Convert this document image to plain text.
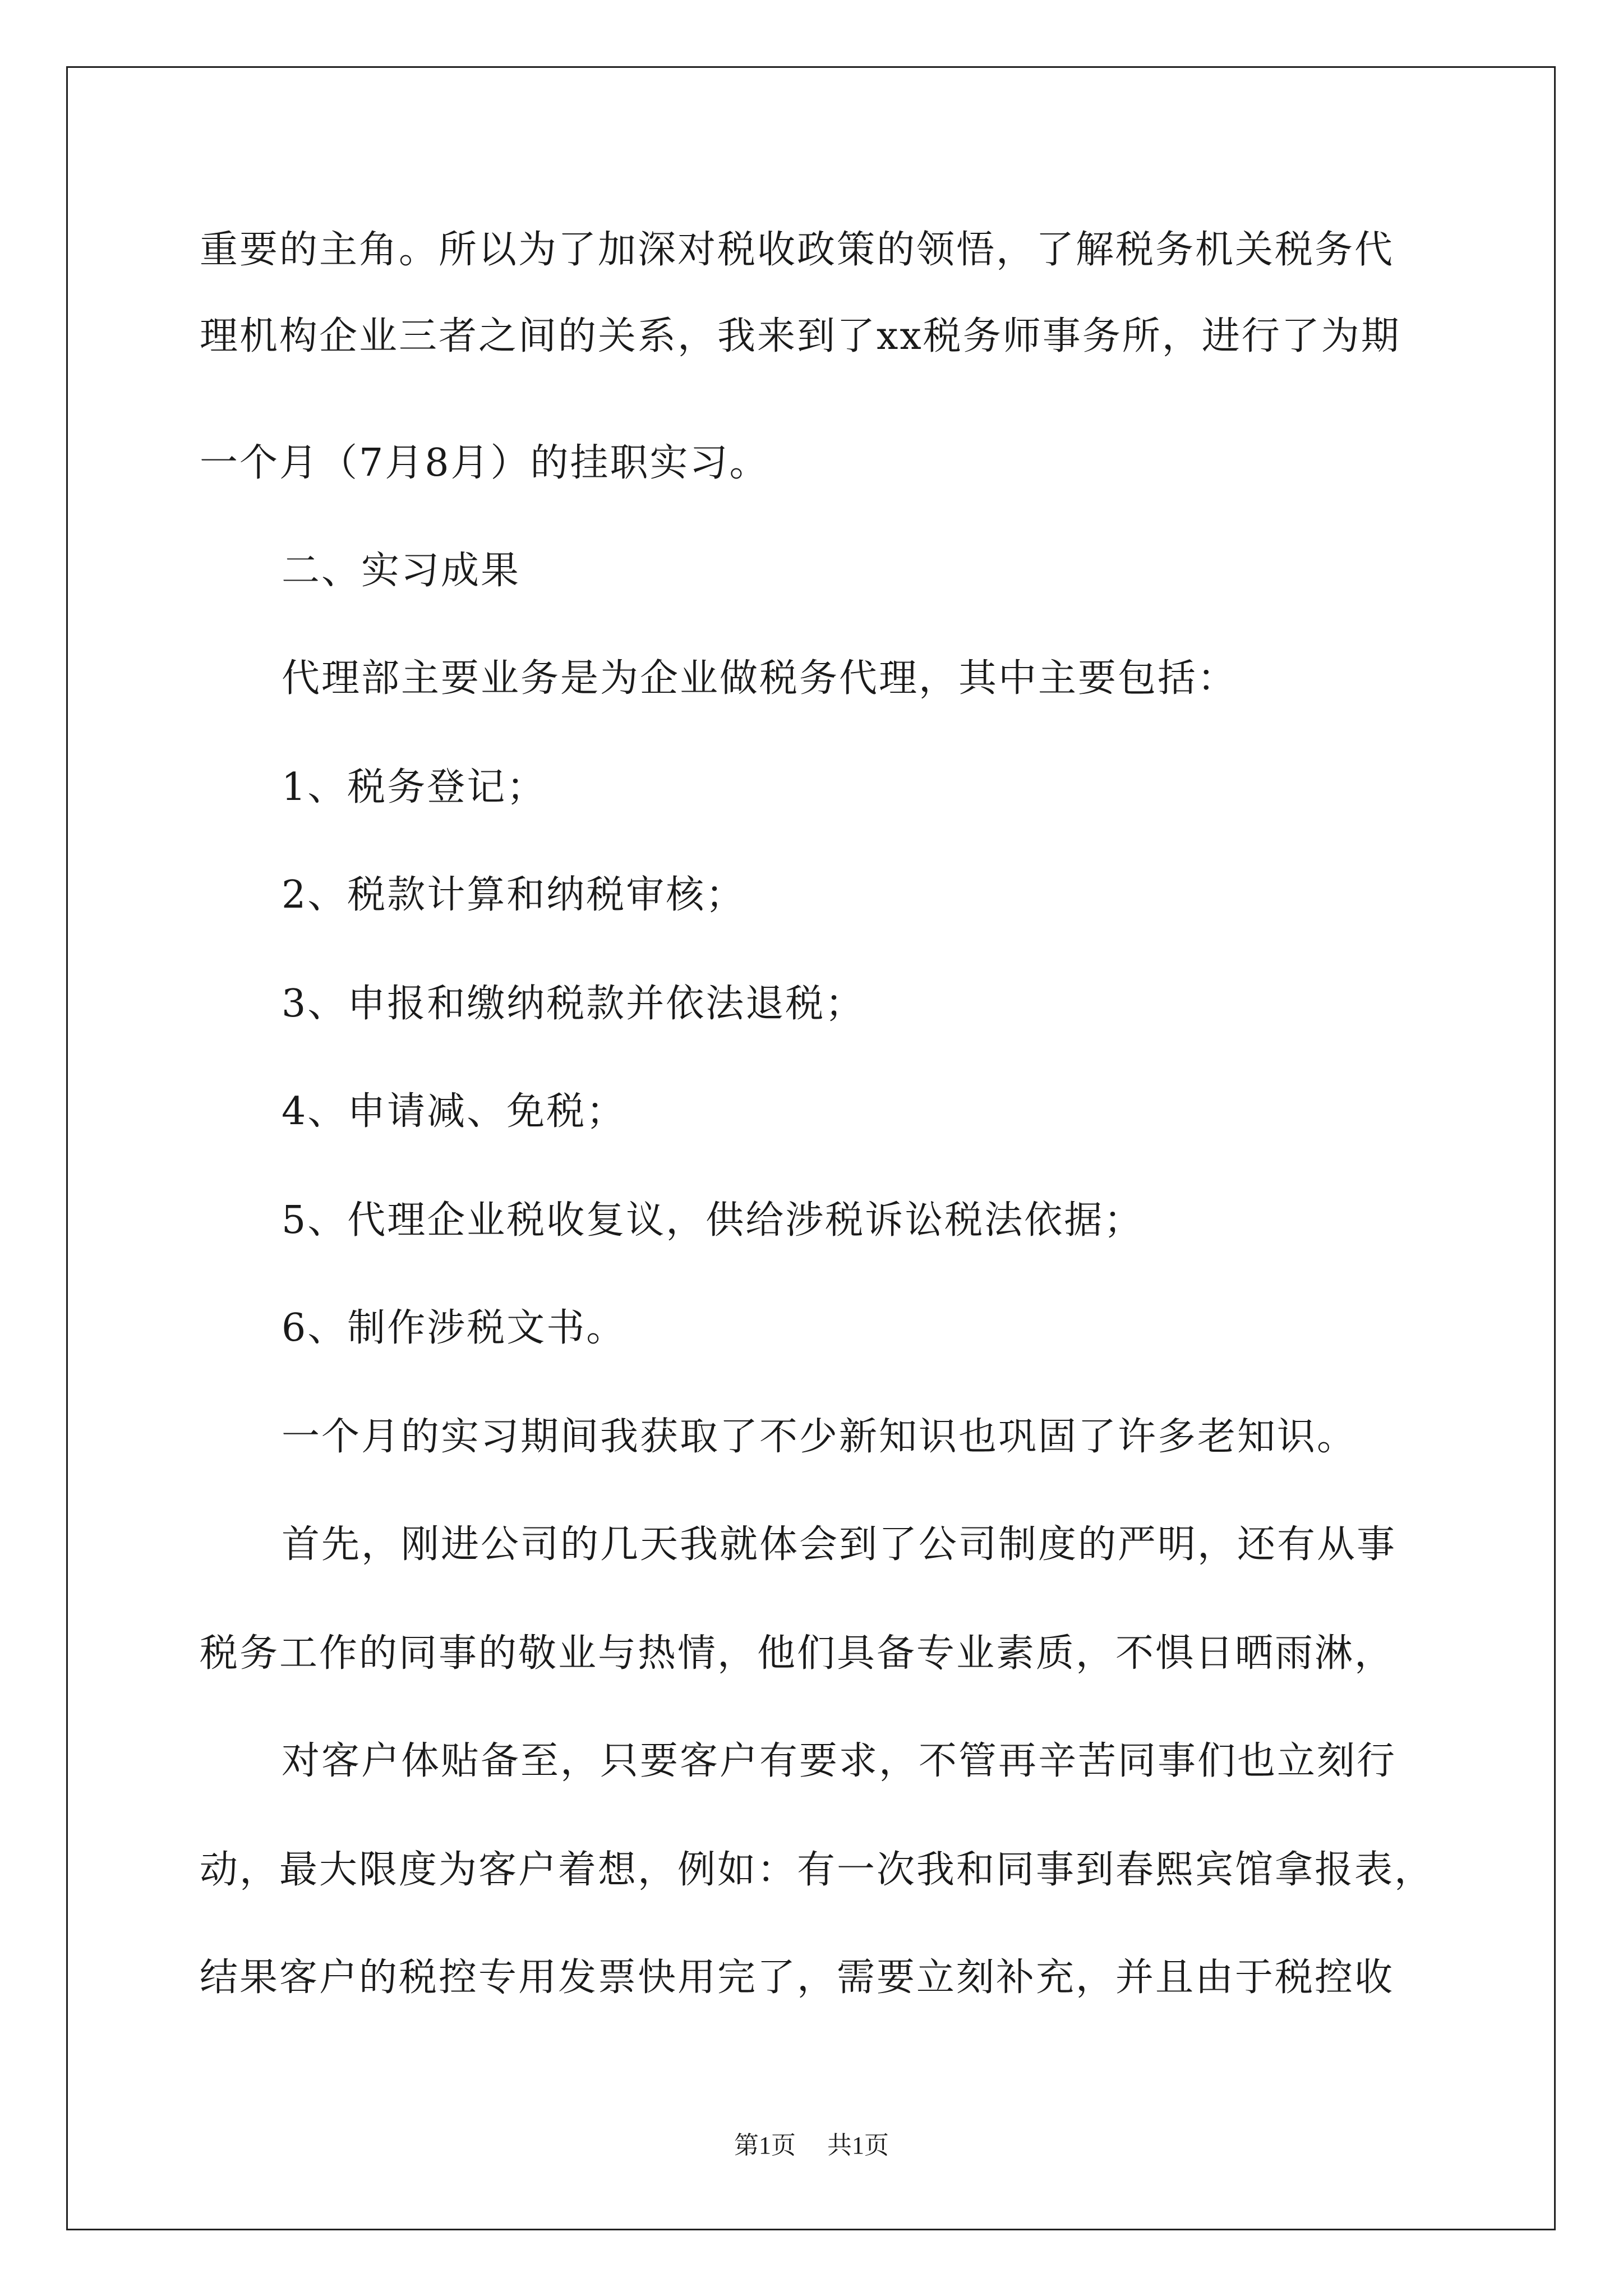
重要的主角。所以为了加深对税收政策的领悟，了解税务机关税务代
理机构企业三者之间的关系，我来到了xx税务师事务所，进行了为期
一个月（7月8月）的挂职实习。
二、实习成果
代理部主要业务是为企业做税务代理，其中主要包括：
1、税务登记；
2、税款计算和纳税审核；
3、申报和缴纳税款并依法退税；
4、申请减、免税；
5、代理企业税收复议，供给涉税诉讼税法依据；
6、制作涉税文书。
一个月的实习期间我获取了不少新知识也巩固了许多老知识。
首先，刚进公司的几天我就体会到了公司制度的严明，还有从事
税务工作的同事的敬业与热情，他们具备专业素质，不惧日晒雨淋，
对客户体贴备至，只要客户有要求，不管再辛苦同事们也立刻行
动，最大限度为客户着想，例如：有一次我和同事到春熙宾馆拿报表，
结果客户的税控专用发票快用完了，需要立刻补充，并且由于税控收
第1页 共1页
